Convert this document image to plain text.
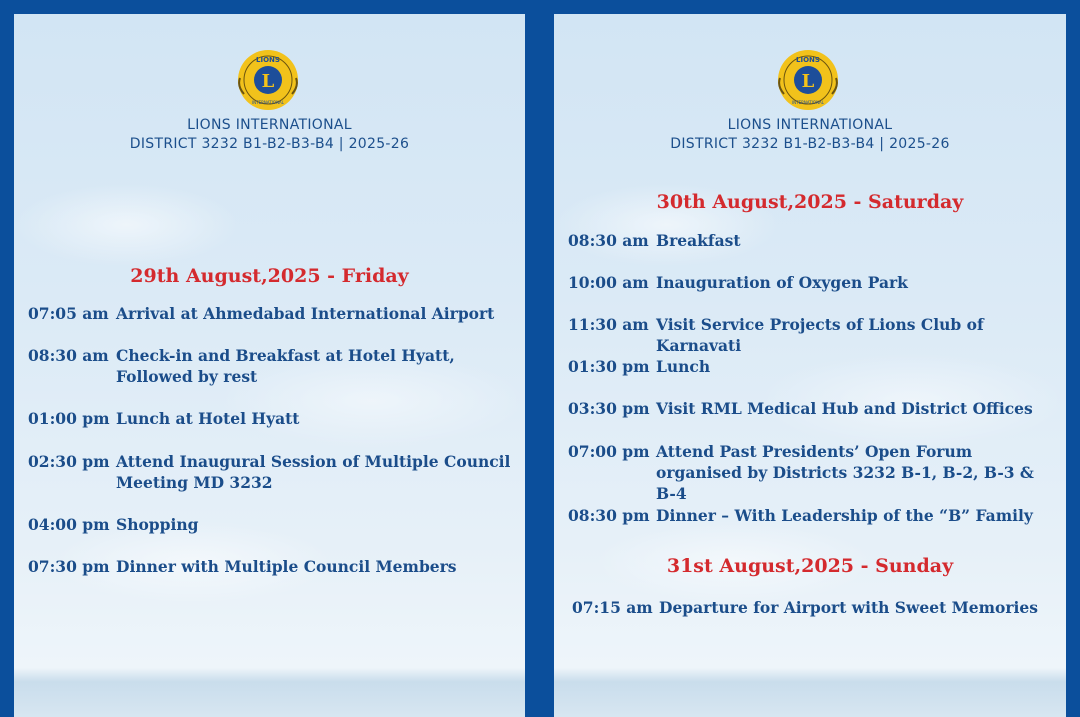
L
LIONS
INTERNATIONAL
LIONS INTERNATIONAL
DISTRICT 3232 B1-B2-B3-B4 | 2025-26
29th August,2025 - Friday
07:05 am Arrival at Ahmedabad International Airport
08:30 am Check-in and Breakfast at Hotel Hyatt,
Followed by rest
01:00 pm Lunch at Hotel Hyatt
02:30 pm Attend Inaugural Session of Multiple Council
Meeting MD 3232
04:00 pm Shopping
07:30 pm Dinner with Multiple Council Members
L
LIONS
INTERNATIONAL
LIONS INTERNATIONAL
DISTRICT 3232 B1-B2-B3-B4 | 2025-26
30th August,2025 - Saturday
08:30 am Breakfast
10:00 am Inauguration of Oxygen Park
11:30 am Visit Service Projects of Lions Club of Karnavati
01:30 pm Lunch
03:30 pm Visit RML Medical Hub and District Offices
07:00 pm Attend Past Presidents’ Open Forum
organised by Districts 3232 B-1, B-2, B-3 & B-4
08:30 pm Dinner – With Leadership of the “B” Family
31st August,2025 - Sunday
07:15 am Departure for Airport with Sweet Memories
